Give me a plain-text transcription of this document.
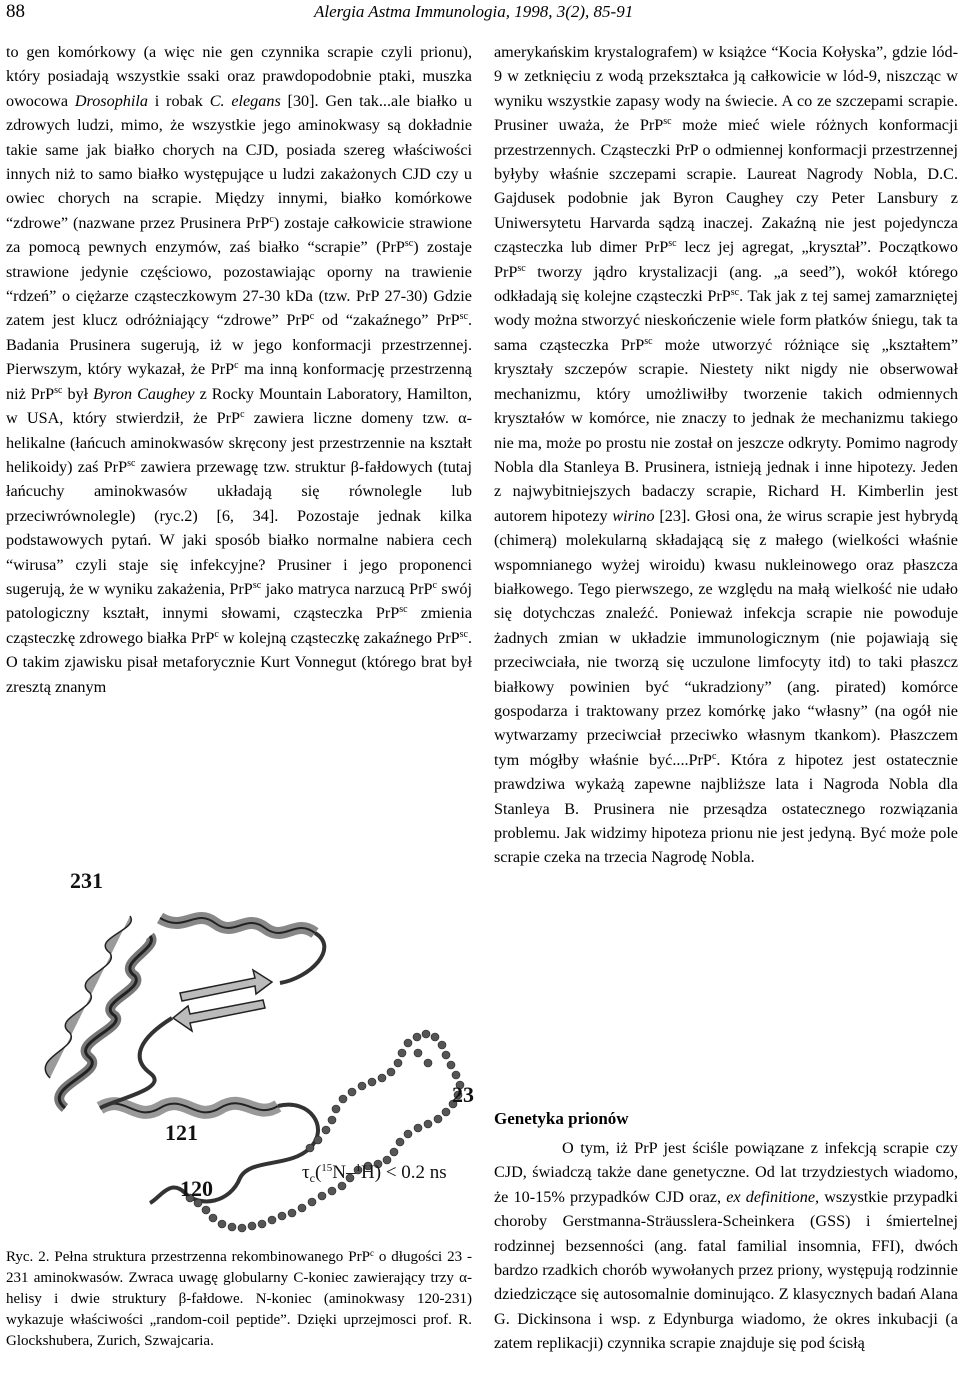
88	Alergia Astma Immunologia, 1998, 3(2), 85-91

to gen komórkowy (a więc nie gen czynnika scrapie czyli prionu), który posiadają wszystkie ssaki oraz prawdopodobnie ptaki, muszka owocowa Drosophila i robak C. elegans [30]. Gen tak...ale białko u zdrowych ludzi, mimo, że wszystkie jego aminokwasy są dokładnie takie same jak białko chorych na CJD, posiada szereg właściwości innych niż to samo białko występujące u ludzi zakażonych CJD czy u owiec chorych na scrapie. Między innymi, białko komórkowe “zdrowe” (nazwane przez Prusinera PrP$^c$) zostaje całkowicie strawione za pomocą pewnych enzymów, zaś białko “scrapie” (PrP$^{sc}$) zostaje strawione jedynie częściowo, pozostawiając oporny na trawienie “rdzeń” o ciężarze cząsteczkowym 27-30 kDa (tzw. PrP 27-30) Gdzie zatem jest klucz odróżniający “zdrowe” PrP$^c$ od “zakaźnego” PrP$^{sc}$. Badania Prusinera sugerują, iż w jego konformacji przestrzennej. Pierwszym, który wykazał, że PrP$^c$ ma inną konformację przestrzenną niż PrP$^{sc}$ był Byron Caughey z Rocky Mountain Laboratory, Hamilton, w USA, który stwierdził, że PrP$^c$ zawiera liczne domeny tzw. α-helikalne (łańcuch aminokwasów skręcony jest przestrzennie na kształt helikoidy) zaś PrP$^{sc}$ zawiera przewagę tzw. struktur β-fałdowych (tutaj łańcuchy aminokwasów układają się równolegle lub przeciwrównolegle) (ryc.2) [6, 34]. Pozostaje jednak kilka podstawowych pytań. W jaki sposób białko normalne nabiera cech “wirusa” czyli staje się infekcyjne? Prusiner i jego proponenci sugerują, że w wyniku zakażenia, PrP$^{sc}$ jako matryca narzucą PrP$^c$ swój patologiczny kształt, innymi słowami, cząsteczka PrP$^{sc}$ zmienia cząsteczkę zdrowego białka PrP$^c$ w kolejną cząsteczkę zakaźnego PrP$^{sc}$. O takim zjawisku pisał metaforycznie Kurt Vonnegut (którego brat był zresztą znanym

231
23
121
120
$\tau_c(^{15}N-^1H) < 0.2$ ns
Ryc. 2. Pełna struktura przestrzenna rekombinowanego PrP$^c$ o długości 23 - 231 aminokwasów. Zwraca uwagę globularny C-koniec zawierający trzy α-helisy i dwie struktury β-fałdowe. N-koniec (aminokwasy 120-231) wykazuje właściwości „random-coil peptide”. Dzięki uprzejmosci prof. R. Glockshubera, Zurich, Szwajcaria.

amerykańskim krystalografem) w książce “Kocia Kołyska”, gdzie lód-9 w zetknięciu z wodą przekształca ją całkowicie w lód-9, niszcząc w wyniku wszystkie zapasy wody na świecie. A co ze szczepami scrapie. Prusiner uważa, że PrP$^{sc}$ może mieć wiele różnych konformacji przestrzennych. Cząsteczki PrP o odmiennej konformacji przestrzennej byłyby właśnie szczepami scrapie. Laureat Nagrody Nobla, D.C. Gajdusek podobnie jak Byron Caughey czy Peter Lansbury z Uniwersytetu Harvarda sądzą inaczej. Zakaźną nie jest pojedyncza cząsteczka lub dimer PrP$^{sc}$ lecz jej agregat, „kryształ”. Początkowo PrP$^{sc}$ tworzy jądro krystalizacji (ang. „a seed”), wokół którego odkładają się kolejne cząsteczki PrP$^{sc}$. Tak jak z tej samej zamarzniętej wody można stworzyć nieskończenie wiele form płatków śniegu, tak ta sama cząsteczka PrP$^{sc}$ może utworzyć różniące się „kształtem” kryształy szczepów scrapie. Niestety nikt nigdy nie obserwował mechanizmu, który umożliwiłby tworzenie takich odmiennych kryształów w komórce, nie znaczy to jednak że mechanizmu takiego nie ma, może po prostu nie został on jeszcze odkryty. Pomimo nagrody Nobla dla Stanleya B. Prusinera, istnieją jednak i inne hipotezy. Jeden z najwybitniejszych badaczy scrapie, Richard H. Kimberlin jest autorem hipotezy wirino [23]. Głosi ona, że wirus scrapie jest hybrydą (chimerą) molekularną składającą się z małego (wielkości właśnie wspomnianego wyżej wiroidu) kwasu nukleinowego oraz płaszcza białkowego. Tego pierwszego, ze względu na małą wielkość nie udało się dotychczas znaleźć. Ponieważ infekcja scrapie nie powoduje żadnych zmian w układzie immunologicznym (nie pojawiają się przeciwciała, nie tworzą się uczulone limfocyty itd) to taki płaszcz białkowy powinien być “ukradziony” (ang. pirated) komórce gospodarza i traktowany przez komórkę jako “własny” (na ogół nie wytwarzamy przeciwciał przeciwko własnym tkankom). Płaszczem tym mógłby właśnie być....PrP$^c$. Która z hipotez jest ostatecznie prawdziwa wykażą zapewne najbliższe lata i Nagroda Nobla dla Stanleya B. Prusinera nie przesądza ostatecznego rozwiązania problemu. Jak widzimy hipoteza prionu nie jest jedyną. Być może pole scrapie czeka na trzecia Nagrodę Nobla.

Genetyka prionów

O tym, iż PrP jest ściśle powiązane z infekcją scrapie czy CJD, świadczą także dane genetyczne. Od lat trzydziestych wiadomo, że 10-15% przypadków CJD oraz, ex definitione, wszystkie przypadki choroby Gerstmanna-Sträusslera-Scheinkera (GSS) i śmiertelnej rodzinnej bezsenności (ang. fatal familial insomnia, FFI), dwóch bardzo rzadkich chorób wywołanych przez priony, występują rodzinnie dziedziczące się autosomalnie dominująco. Z klasycznych badań Alana G. Dickinsona i wsp. z Edynburga wiadomo, że okres inkubacji (a zatem replikacji) czynnika scrapie znajduje się pod ścisłą
